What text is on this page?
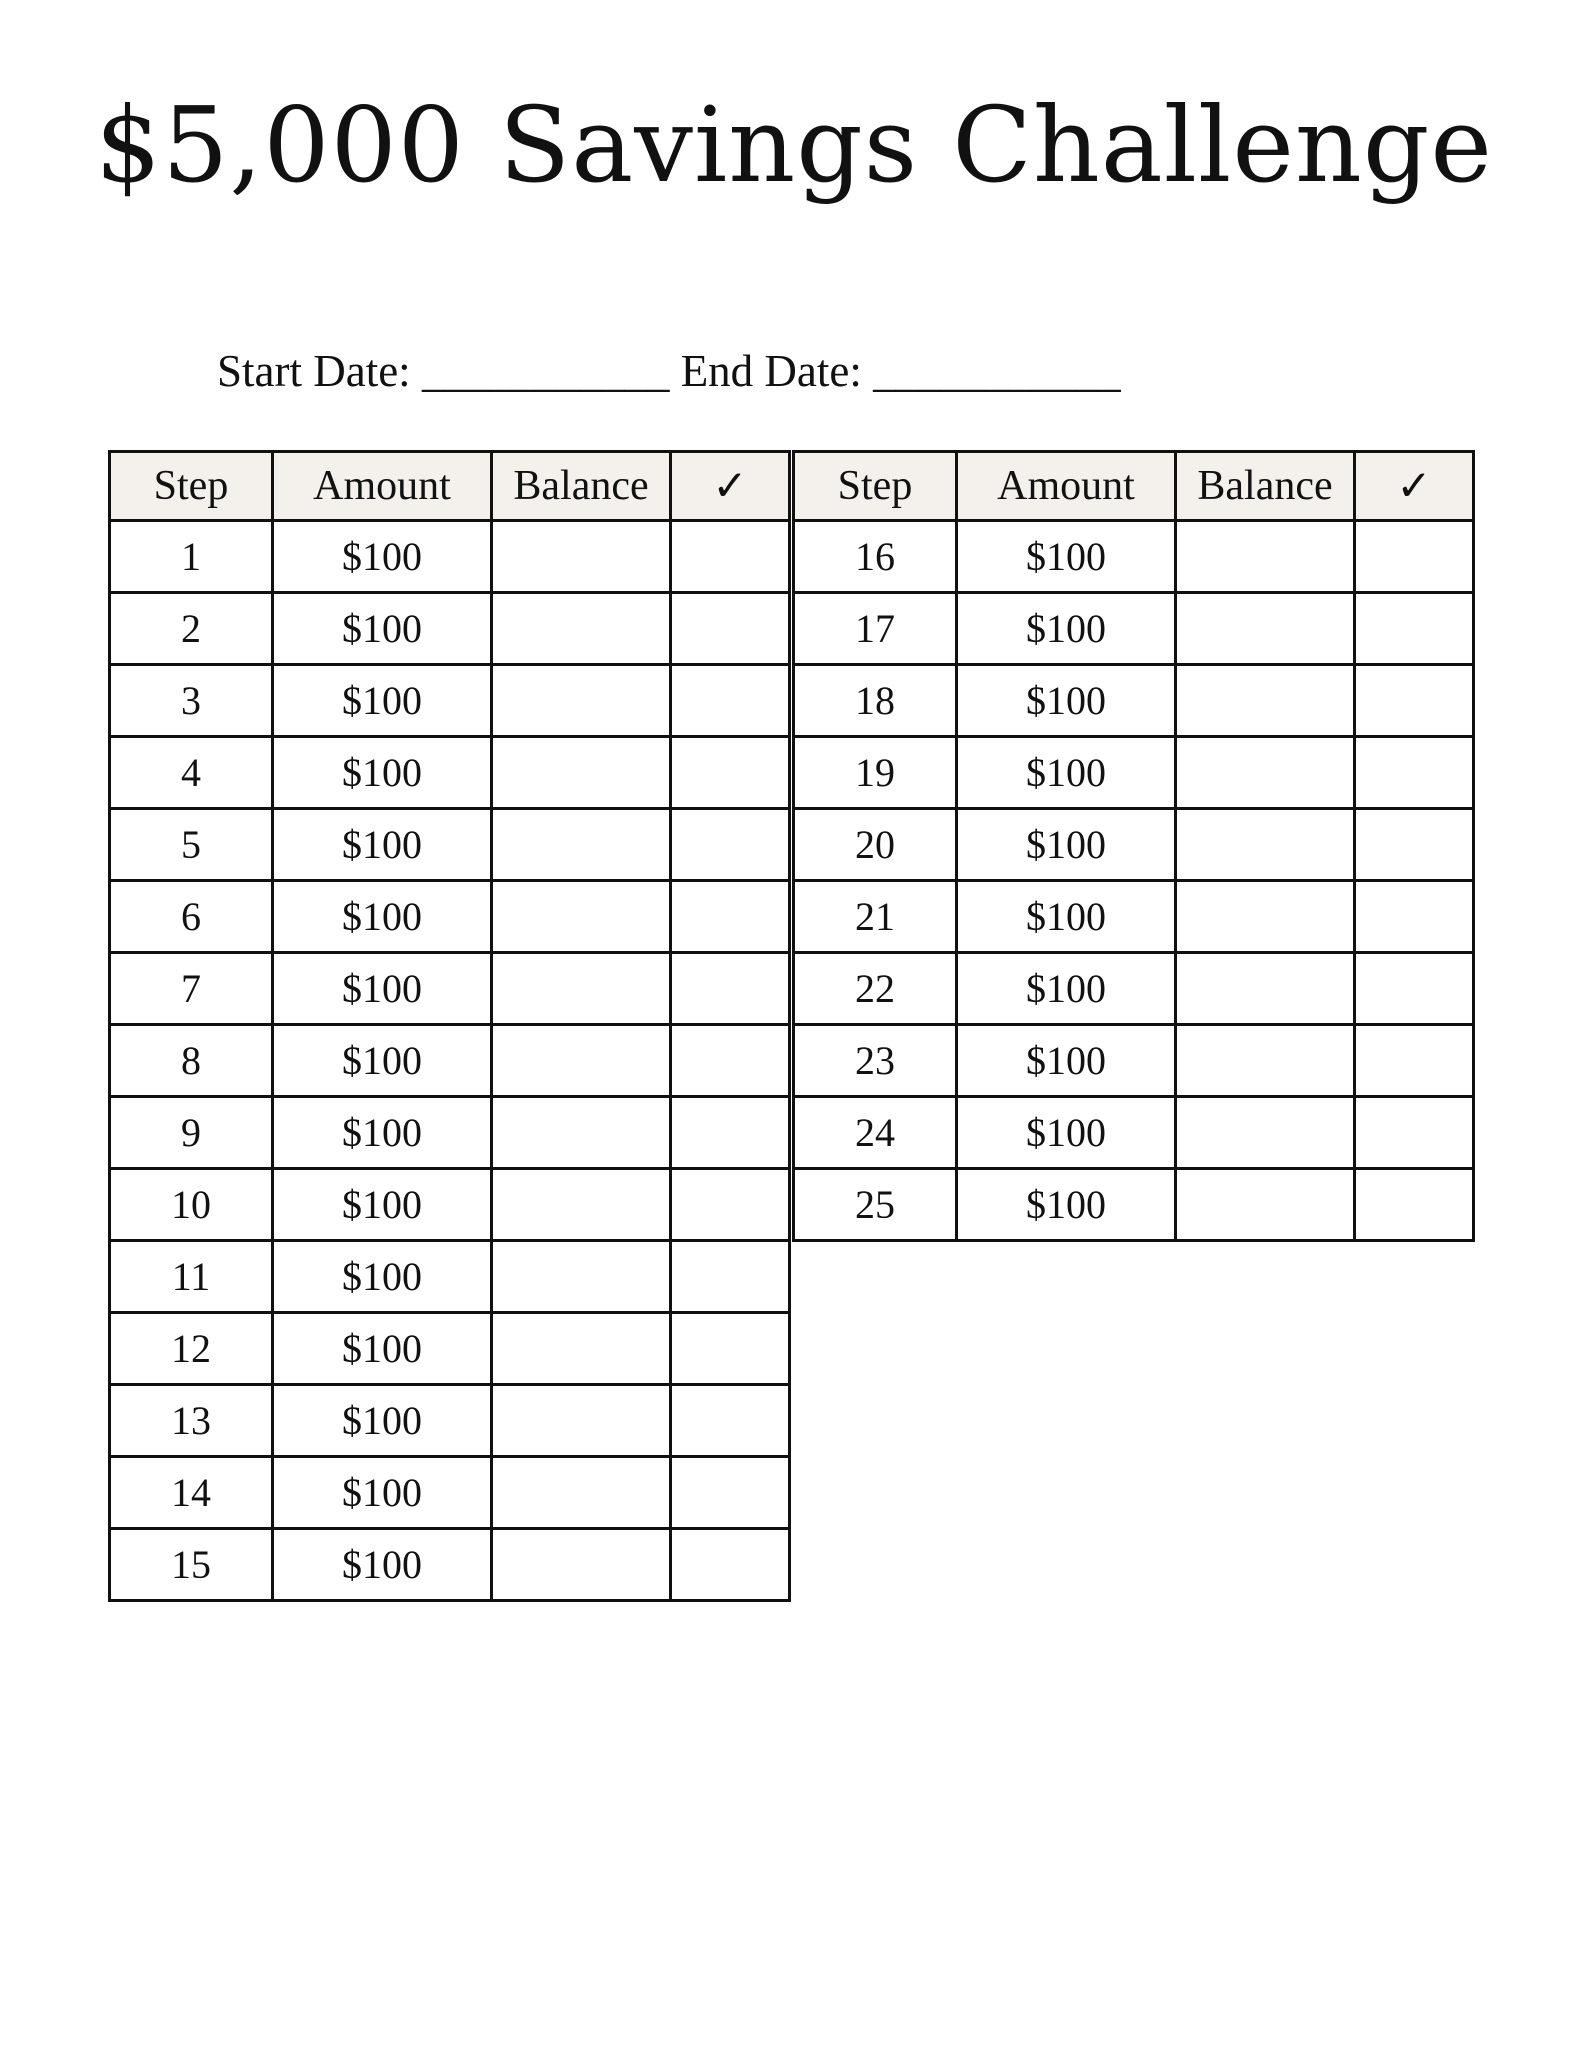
$5,000 Savings Challenge
Start Date: ___________ End Date: ___________
Step	Amount	Balance	✓
1	$100		
2	$100		
3	$100		
4	$100		
5	$100		
6	$100		
7	$100		
8	$100		
9	$100		
10	$100		
11	$100		
12	$100		
13	$100		
14	$100		
15	$100		
Step	Amount	Balance	✓
16	$100		
17	$100		
18	$100		
19	$100		
20	$100		
21	$100		
22	$100		
23	$100		
24	$100		
25	$100		
